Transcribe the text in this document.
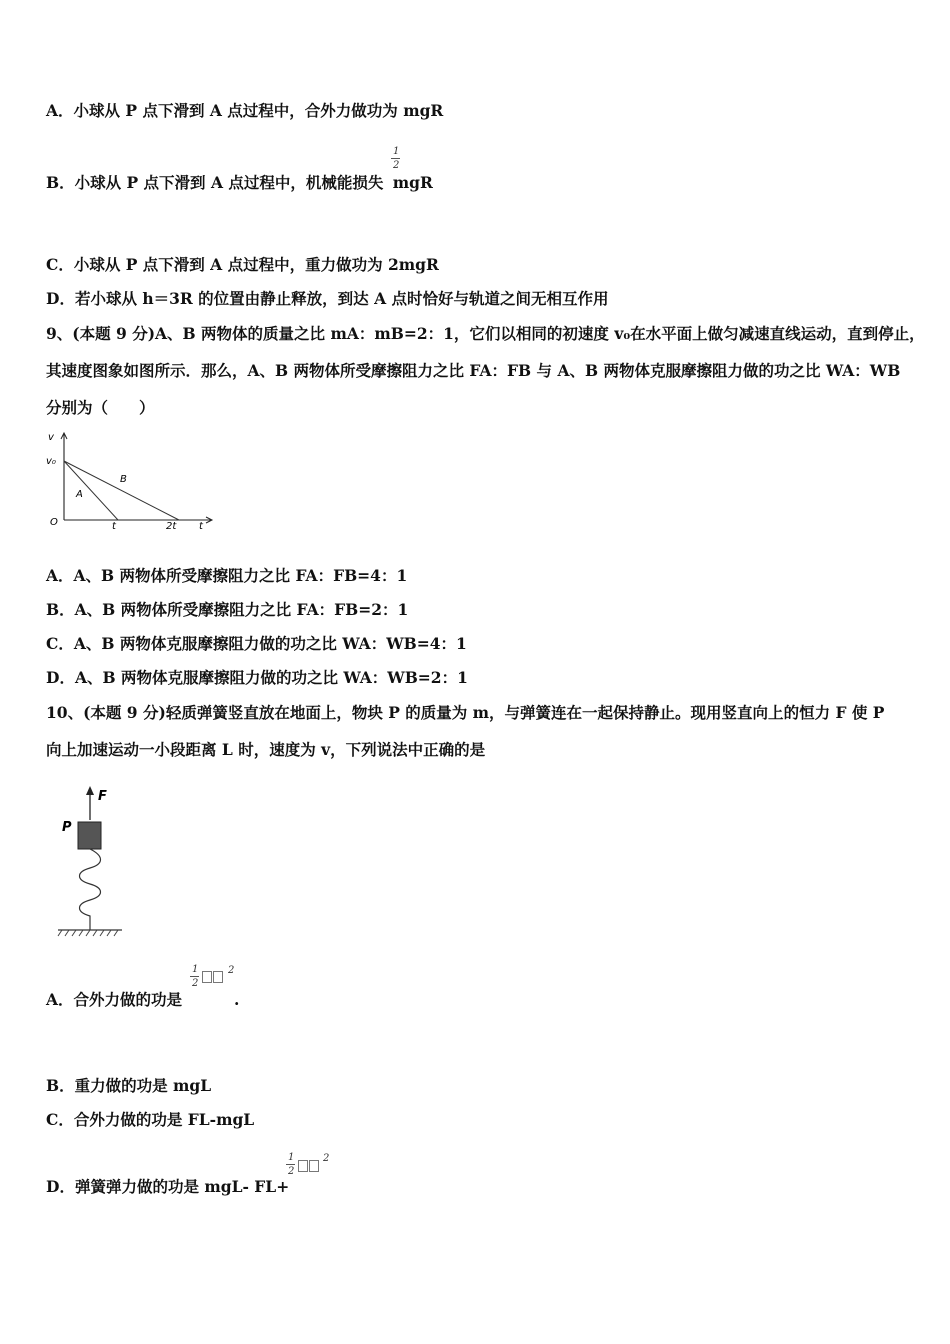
A．小球从 P 点下滑到 A 点过程中，合外力做功为 mgR
1
2
B．小球从 P 点下滑到 A 点过程中，机械能损失 mgR
C．小球从 P 点下滑到 A 点过程中，重力做功为 2mgR
D．若小球从 h＝3R 的位置由静止释放，到达 A 点时恰好与轨道之间无相互作用
9、(本题 9 分)A、B 两物体的质量之比 mA：mB=2：1，它们以相同的初速度 v₀在水平面上做匀减速直线运动，直到停止，
其速度图象如图所示．那么，A、B 两物体所受摩擦阻力之比 FA：FB 与 A、B 两物体克服摩擦阻力做的功之比 WA：WB
分别为（　　）
v
v₀
O	t	2t t
A
B
A．A、B 两物体所受摩擦阻力之比 FA：FB=4：1
B．A、B 两物体所受摩擦阻力之比 FA：FB=2：1
C．A、B 两物体克服摩擦阻力做的功之比 WA：WB=4：1
D．A、B 两物体克服摩擦阻力做的功之比 WA：WB=2：1
10、(本题 9 分)轻质弹簧竖直放在地面上，物块 P 的质量为 m，与弹簧连在一起保持静止。现用竖直向上的恒力 F 使 P
向上加速运动一小段距离 L 时，速度为 v，下列说法中正确的是
F
P
1
2
2
A．合外力做的功是	.
B．重力做的功是 mgL
C．合外力做的功是 FL-mgL
1
2
2
D．弹簧弹力做的功是 mgL- FL+
